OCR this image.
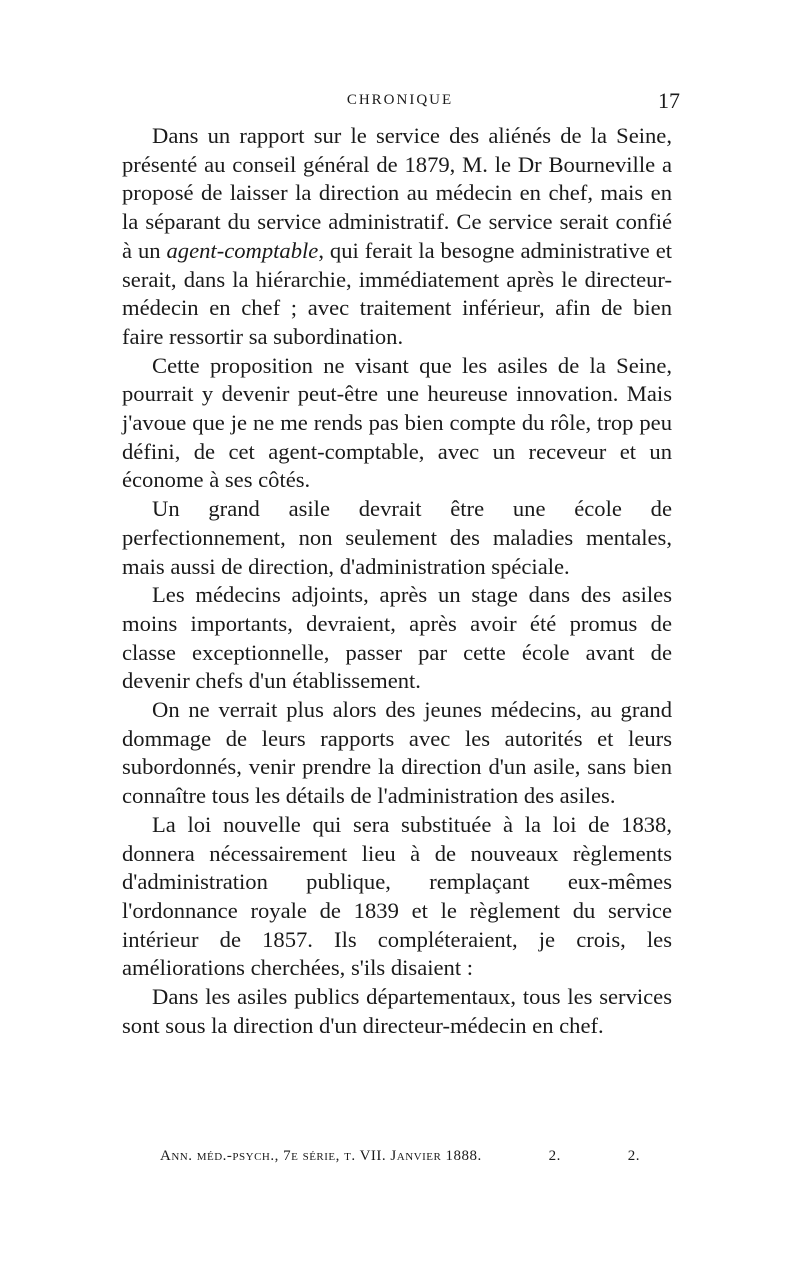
CHRONIQUE	17

Dans un rapport sur le service des aliénés de la Seine, présenté au conseil général de 1879, M. le Dr Bourneville a proposé de laisser la direction au médecin en chef, mais en la séparant du service administratif. Ce service serait confié à un agent-comptable, qui ferait la besogne administrative et serait, dans la hiérarchie, immédiatement après le directeur-médecin en chef ; avec traitement inférieur, afin de bien faire ressortir sa subordination.

Cette proposition ne visant que les asiles de la Seine, pourrait y devenir peut-être une heureuse innovation. Mais j'avoue que je ne me rends pas bien compte du rôle, trop peu défini, de cet agent-comptable, avec un receveur et un économe à ses côtés.

Un grand asile devrait être une école de perfectionnement, non seulement des maladies mentales, mais aussi de direction, d'administration spéciale.

Les médecins adjoints, après un stage dans des asiles moins importants, devraient, après avoir été promus de classe exceptionnelle, passer par cette école avant de devenir chefs d'un établissement.

On ne verrait plus alors des jeunes médecins, au grand dommage de leurs rapports avec les autorités et leurs subordonnés, venir prendre la direction d'un asile, sans bien connaître tous les détails de l'administration des asiles.

La loi nouvelle qui sera substituée à la loi de 1838, donnera nécessairement lieu à de nouveaux règlements d'administration publique, remplaçant eux-mêmes l'ordonnance royale de 1839 et le règlement du service intérieur de 1857. Ils compléteraient, je crois, les améliorations cherchées, s'ils disaient :

Dans les asiles publics départementaux, tous les services sont sous la direction d'un directeur-médecin en chef.

Ann. méd.-psych., 7e série, t. VII. Janvier 1888.	2.	2.
